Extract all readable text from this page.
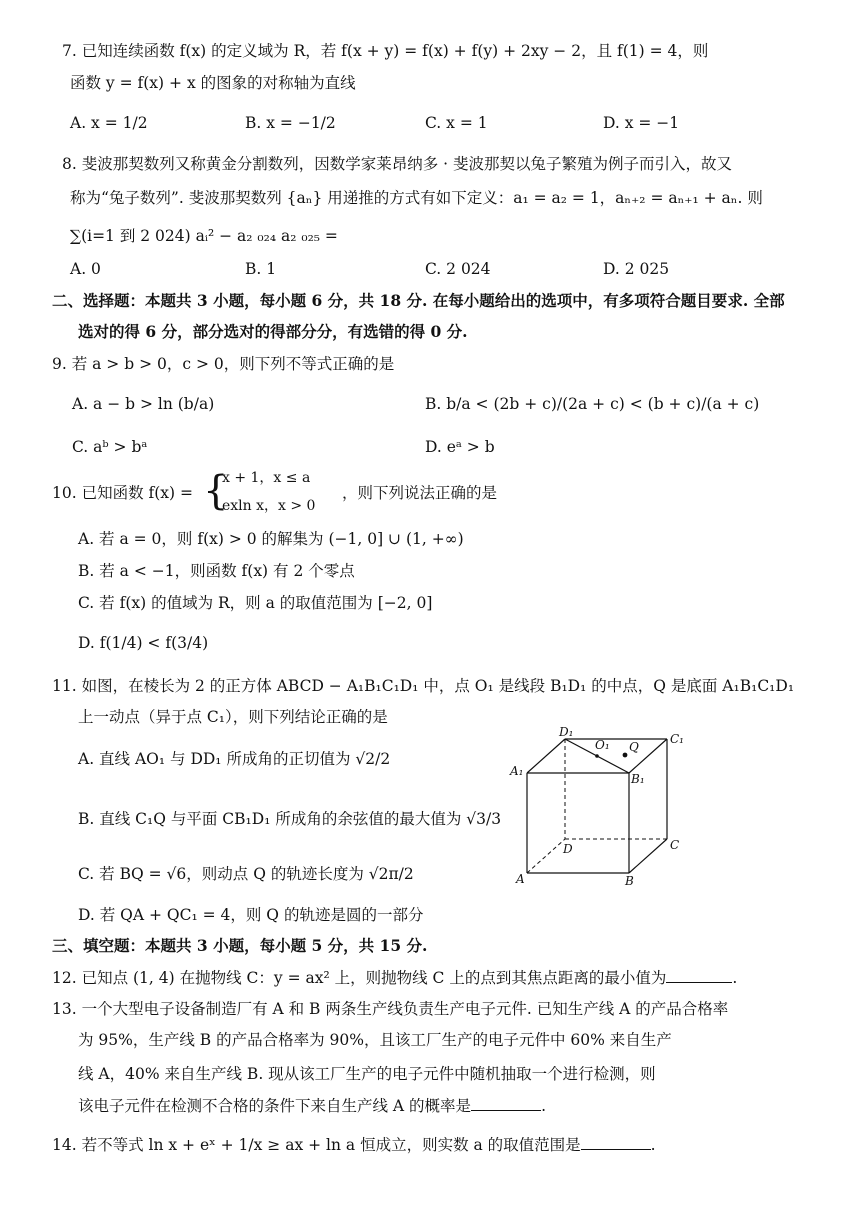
7. 已知连续函数 f(x) 的定义域为 R，若 f(x + y) = f(x) + f(y) + 2xy − 2，且 f(1) = 4，则
函数 y = f(x) + x 的图象的对称轴为直线
A. x = 1/2	B. x = −1/2	C. x = 1	D. x = −1
8. 斐波那契数列又称黄金分割数列，因数学家莱昂纳多 · 斐波那契以兔子繁殖为例子而引入，故又
称为“兔子数列”. 斐波那契数列 {aₙ} 用递推的方式有如下定义：a₁ = a₂ = 1，aₙ₊₂ = aₙ₊₁ + aₙ. 则
∑(i=1 到 2 024) aᵢ² − a₂ ₀₂₄ a₂ ₀₂₅ =
A. 0	B. 1	C. 2 024	D. 2 025
二、选择题：本题共 3 小题，每小题 6 分，共 18 分. 在每小题给出的选项中，有多项符合题目要求. 全部
选对的得 6 分，部分选对的得部分分，有选错的得 0 分.
9. 若 a > b > 0，c > 0，则下列不等式正确的是
A. a − b > ln (b/a)	B. b/a < (2b + c)/(2a + c) < (b + c)/(a + c)
C. aᵇ > bᵃ	D. eᵃ > b
10. 已知函数 f(x) = {
x + 1，x ≤ a
exln x，x > 0
，则下列说法正确的是
A. 若 a = 0，则 f(x) > 0 的解集为 (−1, 0] ∪ (1, +∞)
B. 若 a < −1，则函数 f(x) 有 2 个零点
C. 若 f(x) 的值域为 R，则 a 的取值范围为 [−2, 0]
D. f(1/4) < f(3/4)
11. 如图，在棱长为 2 的正方体 ABCD − A₁B₁C₁D₁ 中，点 O₁ 是线段 B₁D₁ 的中点，Q 是底面 A₁B₁C₁D₁
上一动点（异于点 C₁），则下列结论正确的是
A. 直线 AO₁ 与 DD₁ 所成角的正切值为 √2/2
B. 直线 C₁Q 与平面 CB₁D₁ 所成角的余弦值的最大值为 √3/3
C. 若 BQ = √6，则动点 Q 的轨迹长度为 √2π/2
D. 若 QA + QC₁ = 4，则 Q 的轨迹是圆的一部分
D₁
O₁ Q
C₁
A₁
B₁
D	C
A	B
三、填空题：本题共 3 小题，每小题 5 分，共 15 分.
12. 已知点 (1, 4) 在抛物线 C：y = ax² 上，则抛物线 C 上的点到其焦点距离的最小值为	.
13. 一个大型电子设备制造厂有 A 和 B 两条生产线负责生产电子元件. 已知生产线 A 的产品合格率
为 95%，生产线 B 的产品合格率为 90%，且该工厂生产的电子元件中 60% 来自生产
线 A，40% 来自生产线 B. 现从该工厂生产的电子元件中随机抽取一个进行检测，则
该电子元件在检测不合格的条件下来自生产线 A 的概率是	.
14. 若不等式 ln x + eˣ + 1/x ≥ ax + ln a 恒成立，则实数 a 的取值范围是	.
